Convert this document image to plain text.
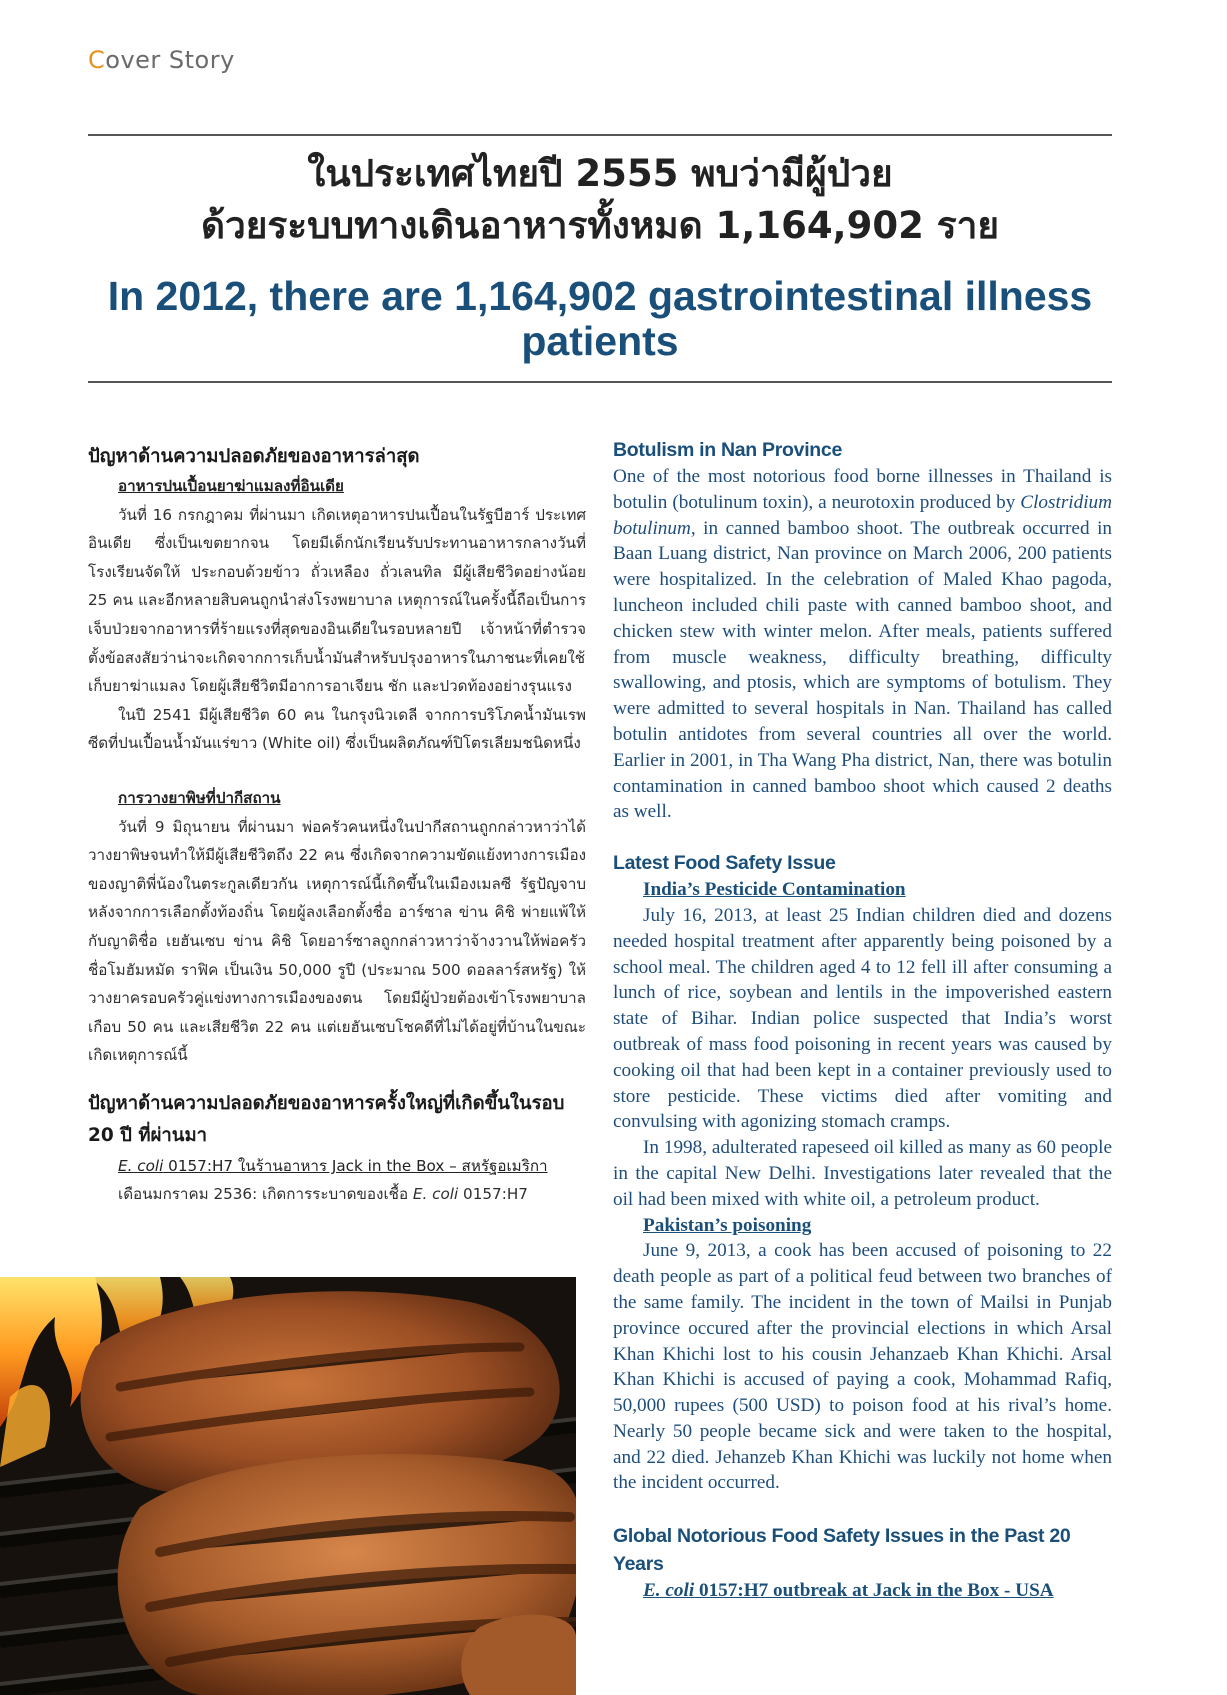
Cover Story
ในประเทศไทยปี 2555 พบว่ามีผู้ป่วย
ด้วยระบบทางเดินอาหารทั้งหมด 1,164,902 ราย
In 2012, there are 1,164,902 gastrointestinal illness patients
ปัญหาด้านความปลอดภัยของอาหารล่าสุด
อาหารปนเปื้อนยาฆ่าแมลงที่อินเดีย

วันที่ 16 กรกฎาคม ที่ผ่านมา เกิดเหตุอาหารปนเปื้อนในรัฐบีฮาร์ ประเทศอินเดีย ซึ่งเป็นเขตยากจน โดยมีเด็กนักเรียนรับประทานอาหารกลางวันที่โรงเรียนจัดให้ ประกอบด้วยข้าว ถั่วเหลือง ถั่วเลนทิล มีผู้เสียชีวิตอย่างน้อย 25 คน และอีกหลายสิบคนถูกนำส่งโรงพยาบาล เหตุการณ์ในครั้งนี้ถือเป็นการเจ็บป่วยจากอาหารที่ร้ายแรงที่สุดของอินเดียในรอบหลายปี เจ้าหน้าที่ตำรวจตั้งข้อสงสัยว่าน่าจะเกิดจากการเก็บน้ำมันสำหรับปรุงอาหารในภาชนะที่เคยใช้เก็บยาฆ่าแมลง โดยผู้เสียชีวิตมีอาการอาเจียน ชัก และปวดท้องอย่างรุนแรง

ในปี 2541 มีผู้เสียชีวิต 60 คน ในกรุงนิวเดลี จากการบริโภคน้ำมันเรพซีดที่ปนเปื้อนน้ำมันแร่ขาว (White oil) ซึ่งเป็นผลิตภัณฑ์ปิโตรเลียมชนิดหนึ่ง

การวางยาพิษที่ปากีสถาน

วันที่ 9 มิถุนายน ที่ผ่านมา พ่อครัวคนหนึ่งในปากีสถานถูกกล่าวหาว่าได้วางยาพิษจนทำให้มีผู้เสียชีวิตถึง 22 คน ซึ่งเกิดจากความขัดแย้งทางการเมืองของญาติพี่น้องในตระกูลเดียวกัน เหตุการณ์นี้เกิดขึ้นในเมืองเมลซี รัฐปัญจาบ หลังจากการเลือกตั้งท้องถิ่น โดยผู้ลงเลือกตั้งชื่อ อาร์ซาล ข่าน คิชิ พ่ายแพ้ให้กับญาติชื่อ เยฮันเซบ ข่าน คิชิ โดยอาร์ซาลถูกกล่าวหาว่าจ้างวานให้พ่อครัวชื่อโมฮัมหมัด ราฟิค เป็นเงิน 50,000 รูปี (ประมาณ 500 ดอลลาร์สหรัฐ) ให้วางยาครอบครัวคู่แข่งทางการเมืองของตน โดยมีผู้ป่วยต้องเข้าโรงพยาบาลเกือบ 50 คน และเสียชีวิต 22 คน แต่เยฮันเซบโชคดีที่ไม่ได้อยู่ที่บ้านในขณะเกิดเหตุการณ์นี้

ปัญหาด้านความปลอดภัยของอาหารครั้งใหญ่ที่เกิดขึ้นในรอบ 20 ปี ที่ผ่านมา
E. coli 0157:H7 ในร้านอาหาร Jack in the Box – สหรัฐอเมริกา
เดือนมกราคม 2536: เกิดการระบาดของเชื้อ E. coli 0157:H7
Botulism in Nan Province

One of the most notorious food borne illnesses in Thailand is botulin (botulinum toxin), a neurotoxin produced by Clostridium botulinum, in canned bamboo shoot. The outbreak occurred in Baan Luang district, Nan province on March 2006, 200 patients were hospitalized. In the celebration of Maled Khao pagoda, luncheon included chili paste with canned bamboo shoot, and chicken stew with winter melon. After meals, patients suffered from muscle weakness, difficulty breathing, difficulty swallowing, and ptosis, which are symptoms of botulism. They were admitted to several hospitals in Nan. Thailand has called botulin antidotes from several countries all over the world. Earlier in 2001, in Tha Wang Pha district, Nan, there was botulin contamination in canned bamboo shoot which caused 2 deaths as well.

Latest Food Safety Issue
India’s Pesticide Contamination

July 16, 2013, at least 25 Indian children died and dozens needed hospital treatment after apparently being poisoned by a school meal. The children aged 4 to 12 fell ill after consuming a lunch of rice, soybean and lentils in the impoverished eastern state of Bihar. Indian police suspected that India’s worst outbreak of mass food poisoning in recent years was caused by cooking oil that had been kept in a container previously used to store pesticide. These victims died after vomiting and convulsing with agonizing stomach cramps.

In 1998, adulterated rapeseed oil killed as many as 60 people in the capital New Delhi. Investigations later revealed that the oil had been mixed with white oil, a petroleum product.

Pakistan’s poisoning

June 9, 2013, a cook has been accused of poisoning to 22 death people as part of a political feud between two branches of the same family. The incident in the town of Mailsi in Punjab province occured after the provincial elections in which Arsal Khan Khichi lost to his cousin Jehanzaeb Khan Khichi. Arsal Khan Khichi is accused of paying a cook, Mohammad Rafiq, 50,000 rupees (500 USD) to poison food at his rival’s home. Nearly 50 people became sick and were taken to the hospital, and 22 died. Jehanzeb Khan Khichi was luckily not home when the incident occurred.

Global Notorious Food Safety Issues in the Past 20 Years
E. coli 0157:H7 outbreak at Jack in the Box - USA
